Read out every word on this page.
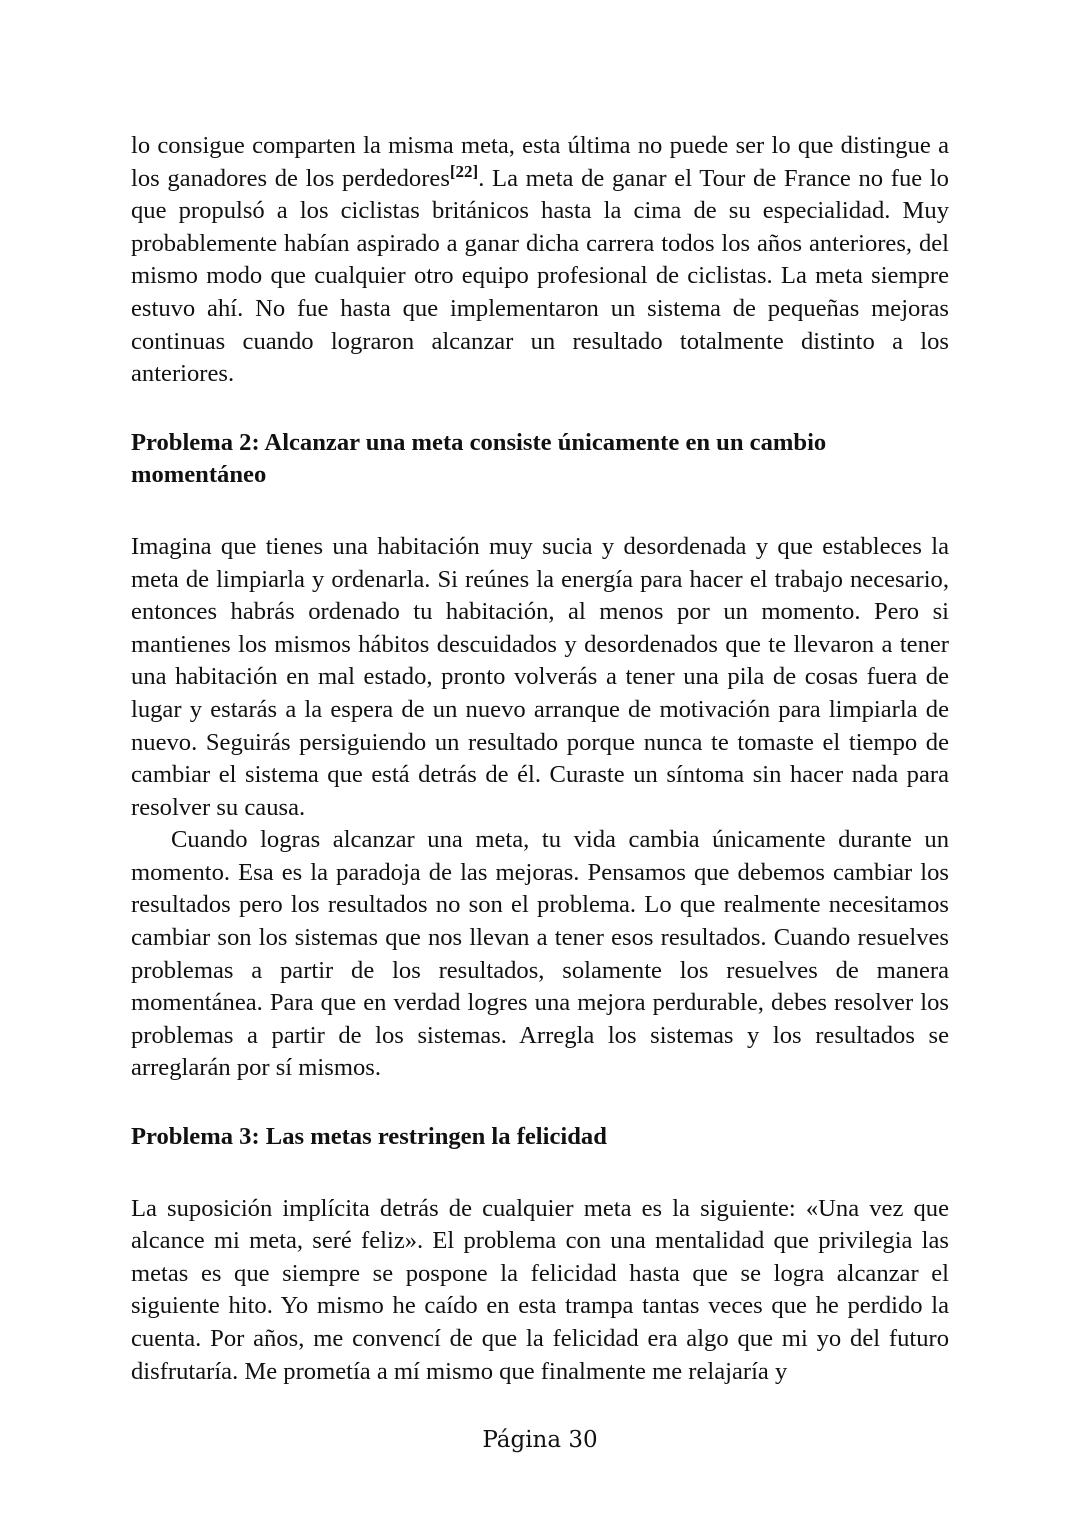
lo consigue comparten la misma meta, esta última no puede ser lo que distingue a los ganadores de los perdedores[22]. La meta de ganar el Tour de France no fue lo que propulsó a los ciclistas británicos hasta la cima de su especialidad. Muy probablemente habían aspirado a ganar dicha carrera todos los años anteriores, del mismo modo que cualquier otro equipo profesional de ciclistas. La meta siempre estuvo ahí. No fue hasta que implementaron un sistema de pequeñas mejoras continuas cuando lograron alcanzar un resultado totalmente distinto a los anteriores.

Problema 2: Alcanzar una meta consiste únicamente en un cambio momentáneo

Imagina que tienes una habitación muy sucia y desordenada y que estableces la meta de limpiarla y ordenarla. Si reúnes la energía para hacer el trabajo necesario, entonces habrás ordenado tu habitación, al menos por un momento. Pero si mantienes los mismos hábitos descuidados y desordenados que te llevaron a tener una habitación en mal estado, pronto volverás a tener una pila de cosas fuera de lugar y estarás a la espera de un nuevo arranque de motivación para limpiarla de nuevo. Seguirás persiguiendo un resultado porque nunca te tomaste el tiempo de cambiar el sistema que está detrás de él. Curaste un síntoma sin hacer nada para resolver su causa.

Cuando logras alcanzar una meta, tu vida cambia únicamente durante un momento. Esa es la paradoja de las mejoras. Pensamos que debemos cambiar los resultados pero los resultados no son el problema. Lo que realmente necesitamos cambiar son los sistemas que nos llevan a tener esos resultados. Cuando resuelves problemas a partir de los resultados, solamente los resuelves de manera momentánea. Para que en verdad logres una mejora perdurable, debes resolver los problemas a partir de los sistemas. Arregla los sistemas y los resultados se arreglarán por sí mismos.

Problema 3: Las metas restringen la felicidad

La suposición implícita detrás de cualquier meta es la siguiente: «Una vez que alcance mi meta, seré feliz». El problema con una mentalidad que privilegia las metas es que siempre se pospone la felicidad hasta que se logra alcanzar el siguiente hito. Yo mismo he caído en esta trampa tantas veces que he perdido la cuenta. Por años, me convencí de que la felicidad era algo que mi yo del futuro disfrutaría. Me prometía a mí mismo que finalmente me relajaría y

Página 30
